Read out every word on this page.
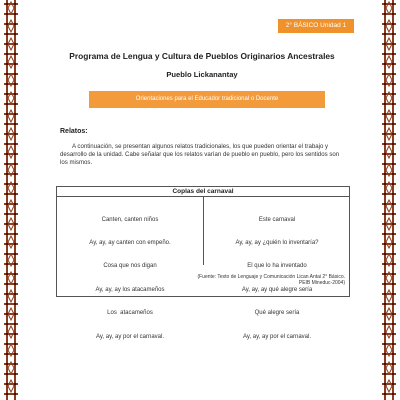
2° BÁSICO Unidad 1
Programa de Lengua y Cultura de Pueblos Originarios Ancestrales
Pueblo Lickanantay
Orientaciones para el Educador tradicional o Docente
Relatos:
A continuación, se presentan algunos relatos tradicionales, los que pueden orientar el trabajo y desarrollo de la unidad. Cabe señalar que los relatos varían de pueblo en pueblo, pero los sentidos son los mismos.
Coplas del carnaval

Canten, canten niños

Ay, ay, ay canten con empeño.

Cosa que nos digan

Ay, ay, ay los atacameños

Los  atacameños

Ay, ay, ay por el carnaval.

Este carnaval

Ay, ay, ay ¿quién lo inventaría?

El que lo ha inventado

Ay, ay, ay qué alegre sería

Qué alegre sería

Ay, ay, ay por el carnaval.

(Fuente: Texto de Lenguaje y Comunicación Lican Antai 2° Básico.
PEIB Mineduc-2004)
